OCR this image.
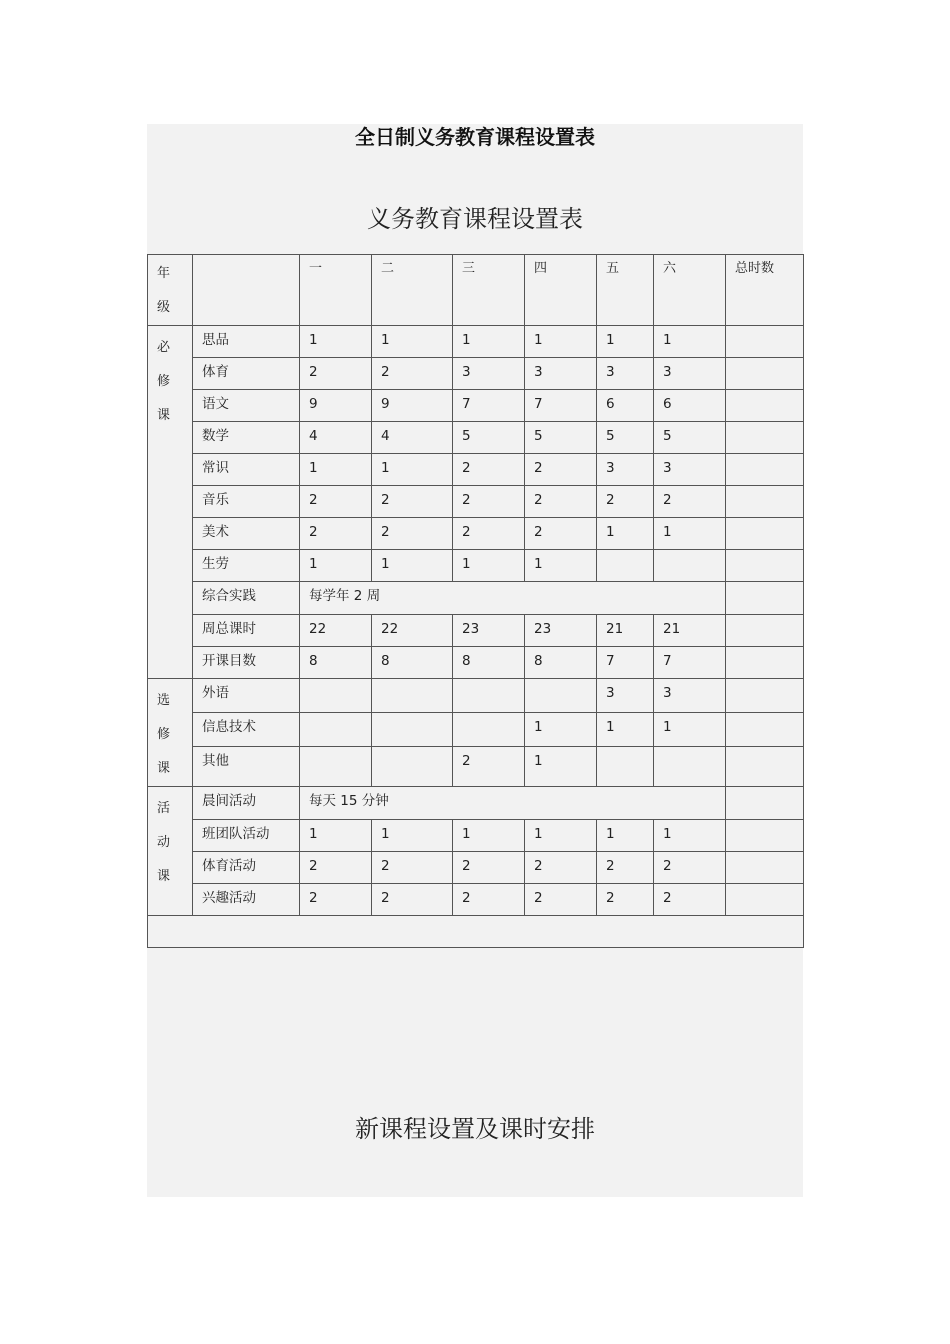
全日制义务教育课程设置表
义务教育课程设置表
年
级		一	二	三	四	五	六	总时数

必
修
课	思品	1	1	1	1	1	1	

	体育	2	2	3	3	3	3	

	语文	9	9	7	7	6	6	

	数学	4	4	5	5	5	5	

	常识	1	1	2	2	3	3	

	音乐	2	2	2	2	2	2	

	美术	2	2	2	2	1	1	

	生劳	1	1	1	1			

	综合实践	每学年 2 周						

	周总课时	22	22	23	23	21	21	

	开课目数	8	8	8	8	7	7	

选
修
课	外语					3	3	

	信息技术				1	1	1	

	其他			2	1			

活
动
课	晨间活动	每天 15 分钟						

	班团队活动	1	1	1	1	1	1	

	体育活动	2	2	2	2	2	2	

	兴趣活动	2	2	2	2	2	2	

新课程设置及课时安排
